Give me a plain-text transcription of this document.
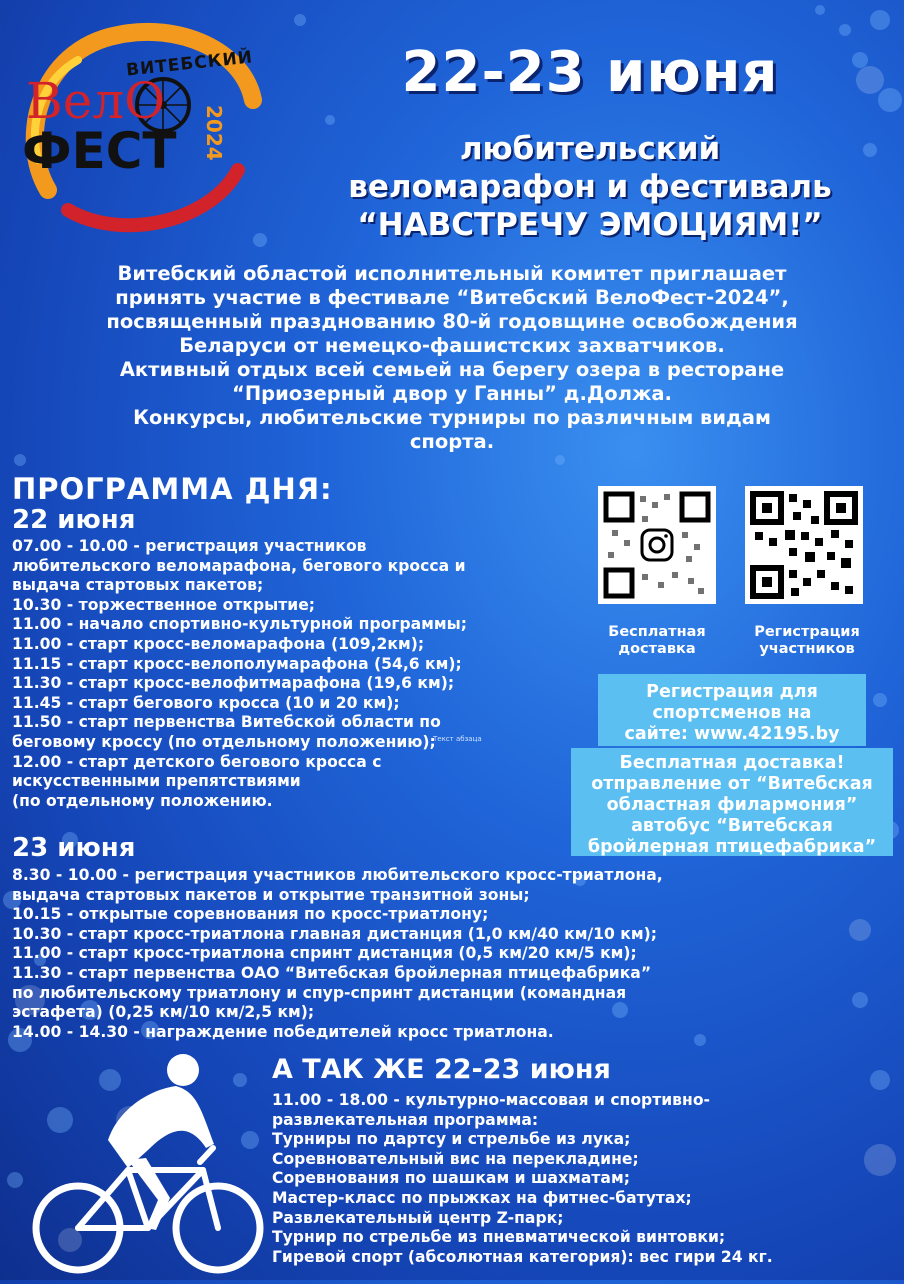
ВИТЕБСКИЙ
ВелО
ФЕСТ 2024
22-23 июня
любительский
веломарафон и фестиваль
“НАВСТРЕЧУ ЭМОЦИЯМ!”
Витебский областой исполнительный комитет приглашает
принять участие в фестивале “Витебский ВелоФест-2024”,
посвященный празднованию 80-й годовщине освобождения
Беларуси от немецко-фашистских захватчиков.
Активный отдых всей семьей на берегу озера в ресторане
“Приозерный двор у Ганны” д.Должа.
Конкурсы, любительские турниры по различным видам
спорта.
ПРОГРАММА ДНЯ:
22 июня
07.00 - 10.00 - регистрация участников
любительского веломарафона, бегового кросса и
выдача стартовых пакетов;
10.30 - торжественное открытие;
11.00 - начало спортивно-культурной программы;
11.00 - старт кросс-веломарафона (109,2км);
11.15 - старт кросс-велополумарафона (54,6 км);
11.30 - старт кросс-велофитмарафона (19,6 км);
11.45 - старт бегового кросса (10 и 20 км);
11.50 - старт первенства Витебской области по
беговому кроссу (по отдельному положению);
12.00 - старт детского бегового кросса с
искусственными препятствиями
(по отдельному положению.
Текст абзаца
Бесплатная
доставка
Регистрация
участников
Регистрация для
спортсменов на
сайте: www.42195.by
Бесплатная доставка!
отправление от “Витебская
областная филармония”
автобус “Витебская
бройлерная птицефабрика”
23 июня
8.30 - 10.00 - регистрация участников любительского кросс-триатлона,
выдача стартовых пакетов и открытие транзитной зоны;
10.15 - открытые соревнования по кросс-триатлону;
10.30 - старт кросс-триатлона главная дистанция (1,0 км/40 км/10 км);
11.00 - старт кросс-триатлона спринт дистанция (0,5 км/20 км/5 км);
11.30 - старт первенства ОАО “Витебская бройлерная птицефабрика”
по любительскому триатлону и спур-спринт дистанции (командная
эстафета) (0,25 км/10 км/2,5 км);
14.00 - 14.30 - награждение победителей кросс триатлона.
А ТАК ЖЕ 22-23 июня
11.00 - 18.00 - культурно-массовая и спортивно-
развлекательная программа:
Турниры по дартсу и стрельбе из лука;
Соревновательный вис на перекладине;
Соревнования по шашкам и шахматам;
Мастер-класс по прыжках на фитнес-батутах;
Развлекательный центр Z-парк;
Турнир по стрельбе из пневматической винтовки;
Гиревой спорт (абсолютная категория): вес гири 24 кг.
